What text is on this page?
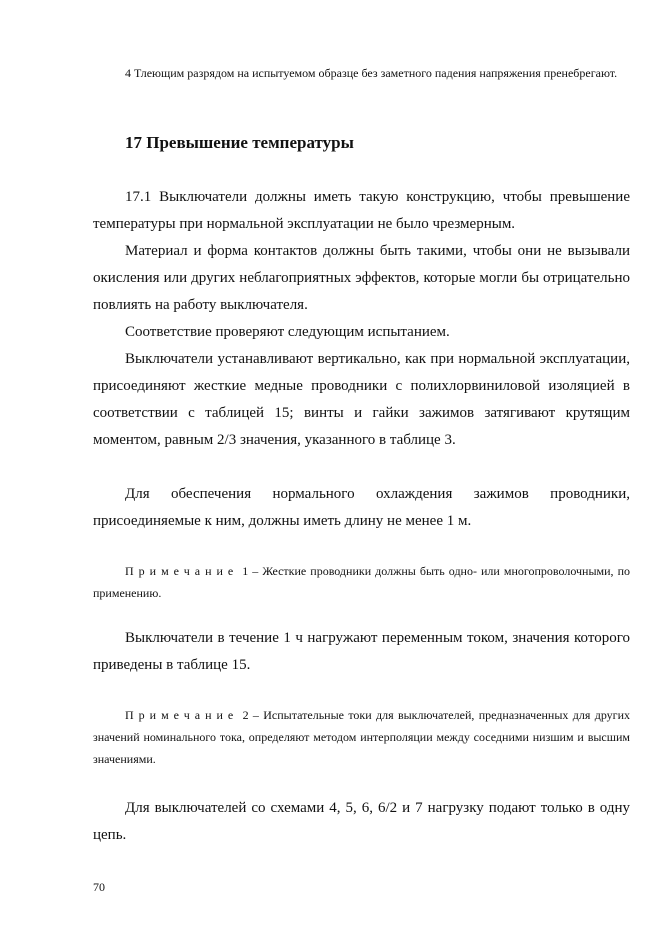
4 Тлеющим разрядом на испытуемом образце без заметного падения напряжения пренебрегают.

17 Превышение температуры

17.1 Выключатели должны иметь такую конструкцию, чтобы превышение температуры при нормальной эксплуатации не было чрезмерным.

Материал и форма контактов должны быть такими, чтобы они не вызывали окисления или других неблагоприятных эффектов, которые могли бы отрицательно повлиять на работу выключателя.

Соответствие проверяют следующим испытанием.

Выключатели устанавливают вертикально, как при нормальной эксплуатации, присоединяют жесткие медные проводники с полихлорвиниловой изоляцией в соответствии с таблицей 15; винты и гайки зажимов затягивают крутящим моментом, равным 2/3 значения, указанного в таблице 3.

Для обеспечения нормального охлаждения зажимов проводники, присоединяемые к ним, должны иметь длину не менее 1 м.

Примечание 1 – Жесткие проводники должны быть одно- или многопроволочными, по применению.

Выключатели в течение 1 ч нагружают переменным током, значения которого приведены в таблице 15.

Примечание 2 – Испытательные токи для выключателей, предназначенных для других значений номинального тока, определяют методом интерполяции между соседними низшим и высшим значениями.

Для выключателей со схемами 4, 5, 6, 6/2 и 7 нагрузку подают только в одну цепь.

70
